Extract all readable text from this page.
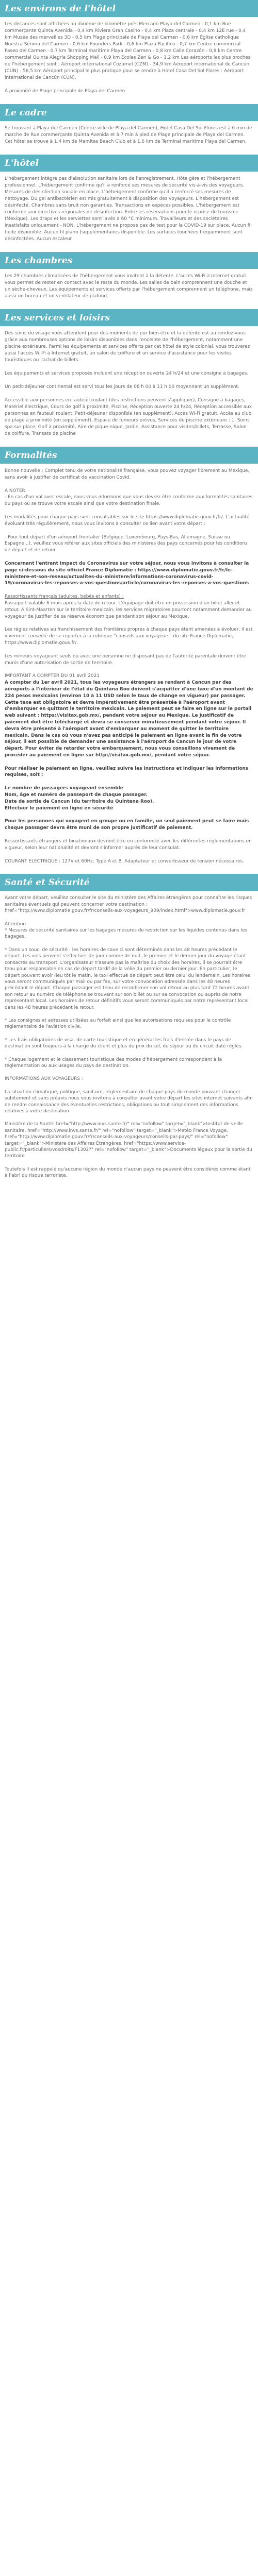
Les environs de l'hôtel

Les distances sont affichées au dixième de kilomètre près Mercado Playa del Carmen - 0,1 km Rue commerçante Quinta Avenida - 0,4 km Riviera Gran Casino - 0,4 km Plaza centrale - 0,4 km 12E rue - 0,4 km Musée des merveilles 3D - 0,5 km Plage principale de Playa del Carmen - 0,6 km Église catholique Nuestra Señora del Carmen - 0,6 km Founders Park - 0,6 km Plaza Pacífico - 0,7 km Centre commercial Paseo del Carmen - 0,7 km Terminal maritime Playa del Carmen - 0,8 km Calle Corazón - 0,8 km Centre commercial Quinta Alegría Shopping Mall - 0,9 km Ecoles Zen & Go - 1,2 km Les aéroports les plus proches de l'hébergement sont : Aéroport international Cozumel (CZM) - 34,9 km Aéroport international de Cancún (CUN) - 56,5 km Aéroport principal le plus pratique pour se rendre à Hotel Casa Del Sol Flores : Aéroport international de Cancún (CUN).

À proximité de Plage principale de Playa del Carmen

Le cadre

Se trouvant à Playa del Carmen (Centre-ville de Playa del Carmen), Hotel Casa Del Sol Flores est à 6 min de marche de Rue commerçante Quinta Avenida et à 7 min à pied de Plage principale de Playa del Carmen. Cet hôtel se trouve à 1,4 km de Mamitas Beach Club et à 1,6 km de Terminal maritime Playa del Carmen.

L'hôtel

L'hébergement intègre pas d'absolution sanitaire lors de l'enregistrement. Hôte gère et l'hébergement professionnel. L'hébergement confirme qu'il a renforcé ses mesures de sécurité vis-à-vis des voyageurs. Mesures de désinfection sociale en place. L'hébergement confirme qu'il a renforcé ses mesures de nettoyage. Du gel antibactérien est mis gratuitement à disposition des voyageurs. L'hébergement est désinfecté. Chambres sans bruit non garanties. Transactions en espèces possibles. L'hébergement est conforme aux directives régionales de désinfection. Entre les réservations pour le reprise de tourisme (Mexique). Les draps et les serviettes sont lavés à 60 °C minimum. Travailleurs et des sociétaires insatisfaits uniquement - NON. L'hébergement ne propose pas de test pour la COVID-19 sur place. Aucun fil tiède disponible. Aucun fil piano (supplémentaires disponible. Les surfaces touchées fréquemment sont désinfectées. Aucun escaleur

Les chambres

Les 29 chambres climatisées de l'hébergement vous invitent à la détente. L'accès Wi-Fi à Internet gratuit vous permet de rester en contact avec le reste du monde. Les salles de bain comprennent une douche et un sèche-cheveux. Les équipements et services offerts par l'hébergement comprennent un téléphone, mais aussi un bureau et un ventilateur de plafond.

Les services et loisirs

Des soins du visage vous attendent pour des moments de pur bien-être et la détente est au rendez-vous grâce aux nombreuses options de loisirs disponibles dans l'enceinte de l'hébergement, notamment une piscine extérieure. Parmi les équipements et services offerts par cet hôtel de style colonial, vous trouverez aussi l'accès Wi-Fi à Internet gratuit, un salon de coiffure et un service d'assistance pour les visites touristiques ou l'achat de billets.

Les équipements et services proposés incluent une réception ouverte 24 h/24 et une consigne à bagages.

Un petit-déjeuner continental est servi tous les jours de 08 h 00 à 11 h 00 moyennant un supplément.

Accessible aux personnes en fauteuil roulant (des restrictions peuvent s'appliquer), Consigne à bagages, Matériel électrique, Cours de golf à proximité, Piscine, Réception ouverte 24 h/24, Réception accessible aux personnes en fauteuil roulant, Petit-déjeuner disponible (en supplément), Accès Wi-Fi gratuit, Accès au club de plage à proximité (en supplément), Espace de fumeurs prévus, Services de piscine extérieure : 1, Soins spa sur place, Golf à proximité, Aire de pique-nique, Jardin, Assistance pour visites/billets, Terrasse, Salon de coiffure, Transats de piscine

Formalités

Bonne nouvelle : Complet tenu de votre nationalité française, vous pouvez voyager librement au Mexique, sans avoir à justifier de certificat de vaccination Covid.

A NOTER

- En cas d'un vol avec escale, nous vous informons que vous devrez être conforme aux formalités sanitaires du pays où se trouve votre escale ainsi que votre destination finale.

Les modalités pour chaque pays sont consultables sur le site https://www.diplomatie.gouv.fr/fr/. L'actualité évoluant très régulièrement, nous vous invitons à consulter ce lien avant votre départ :

- Pour tout départ d'un aéroport frontalier (Belgique, Luxembourg, Pays-Bas, Allemagne, Suisse ou Espagne...), veuillez vous référer aux sites officiels des ministères des pays concernés pour les conditions de départ et de retour.

Concernant l'entrant impact du Coronavirus sur votre séjour, nous vous invitons à consulter la page ci-dessous du site officiel France Diplomatie : https://www.diplomatie.gouv.fr/fr/le-ministere-et-son-reseau/actualites-du-ministere/informations-coronavirus-covid-19/coronavirus-les-reponses-a-vos-questions/article/coronavirus-les-reponses-a-vos-questions

Ressortissants français (adultes, bébés et enfants) :

Passeport valable 6 mois après la date de retour. L'équipage doit être en possession d'un billet aller et retour. A Sint-Maarten sur le territoire mexicain, les services migratoires pourront notamment demander au voyageur de justifier de sa réserve économique pendant son séjour au Mexique.

Les règles relatives au franchissement des frontières propres à chaque pays étant amenées à évoluer, il est vivement conseillé de se reporter à la rubrique "conseils aux voyageurs" du site France Diplomatie, https://www.diplomatie.gouv.fr/.

Les mineurs voyageant seuls ou avec une personne ne disposant pas de l'autorité parentale doivent être munis d'une autorisation de sortie de territoire.

IMPORTANT A COMPTER DU 01 avril 2021

A compter du 1er avril 2021, tous les voyageurs étrangers se rendant à Cancun par des aéroports à l'intérieur de l'état du Quintana Roo doivent s'acquitter d'une taxe d'un montant de 224 pesos mexicains (environ 10 à 11 USD selon le taux de change en vigueur) par passager. Cette taxe est obligatoire et devra impérativement être présentée à l'aéroport avant d'embarquer en quittant le territoire mexicain. Le paiement peut se faire en ligne sur le portail web suivant : https://visitax.gob.mx/, pendant votre séjour au Mexique. Le justificatif de paiement doit être téléchargé et devra se conserver minutieusement pendant votre séjour. Il devra être présenté à l'aéroport avant d'embarquer au moment de quitter le territoire mexicain. Dans le cas où vous n'avez pas anticipé le paiement en ligne avant la fin de votre séjour, il est possible de demander une assistance à l'aéroport de Cancun le jour de votre départ. Pour éviter de retarder votre embarquement, nous vous conseillons vivement de procéder au paiement en ligne sur http://visitax.gob.mx/, pendant votre séjour.

Pour réaliser le paiement en ligne, veuillez suivre les instructions et indiquer les informations requises, soit :

Le nombre de passagers voyageant ensemble
Nom, âge et numéro de passeport de chaque passager.
Date de sortie de Cancun (du territoire du Quintana Roo).
Effectuer le paiement en ligne en sécurité

Pour les personnes qui voyagent en groupe ou en famille, un seul paiement peut se faire mais chaque passager devra être muni de son propre justificatif de paiement.

Ressortissants étrangers et binationaux devront être en conformité avec les différentes réglementations en vigueur, selon leur nationalité et devront s'informer auprès de leur consulat.

COURANT ELECTRIQUE : 127V et 60Hz. Type A et B. Adaptateur et convertisseur de tension nécessaires.

Santé et Sécurité

Avant votre départ, veuillez consulter le site du ministère des Affaires étrangères pour connaître les risques sanitaires éventuels qui peuvent concerner votre destination : href="http://www.diplomatie.gouv.fr/fr/conseils-aux-voyageurs_909/index.html">www.diplomatie.gouv.fr

Attention

* Mesures de sécurité sanitaires sur les bagages mesures de restriction sur les liquides contenus dans les bagages.

* Dans un souci de sécurité : les horaires de cave ci sont déterminés dans les 48 heures précédant le départ. Les vols peuvent s'effectuer de jour comme de nuit, le premier et le dernier jour du voyage étant consacrés au transport. L'organisateur n'assure pas la maîtrise du choix des horaires, il se pourrait être tenu pour responsable en cas de départ tardif de la vélie du premier ou dernier jour. En particulier, le départ pouvant avoir lieu tôt le matin, le taxi effectué de départ peut être celui du lendemain. Les horaires vous seront communiqués par mail ou par fax, sur votre convocation adressée dans les 48 heures précédant le départ. Chaque passager est tenu de reconfirmer son vol retour au plus tard 72 heures avant son retour au numéro de téléphone se trouvant sur son billet ou sur sa convocation ou auprès de notre représentant local. Les horaires de retour définitifs vous seront communiqués par notre représentant local dans les 48 heures précédant le retour.

* Les consignes et adresses utilisées au forfait ainsi que les autorisations requises pour le contrôle réglementaire de l'aviation civile.

* Les frais obligatoires de visa, de carte touristique et en général les frais d'entrée dans le pays de destination sont toujours à la charge du client et plus du prix du sol, du séjour ou du circuit daté réglés.

* Chaque logement et le classement touristique des modes d'hébergement correspondent à la réglementation ou aux usages du pays de destination.

INFORMATIONS AUX VOYAGEURS :

La situation climatique, politique, sanitaire, réglementaire de chaque pays du monde pouvant changer subitement et sans préavis nous vous invitons à consulter avant votre départ les sites internet suivants afin de rendre connaissance des éventuelles restrictions, obligations ou tout simplement des informations relatives à votre destination.

Ministère de la Santé: href="http://www.invs.sante.fr/" rel="nofollow" target="_blank">Institut de veille sanitaire, href="http://www.invs.sante.fr/" rel="nofollow" target="_blank">Metéo France Voyage, href="http://www.diplomatie.gouv.fr/fr/conseils-aux-voyageurs/conseils-par-pays/" rel="nofollow" target="_blank">Ministère des Affaires Étrangères, href="https://www.service-public.fr/particuliers/vosdroits/F1302?" rel="nofollow" target="_blank">Documents légaux pour la sortie du territoire

Toutefois il est rappelé qu'aucune région du monde n'aucun pays ne peuvent être considérés comme étant à l'abri du risque terroriste.
